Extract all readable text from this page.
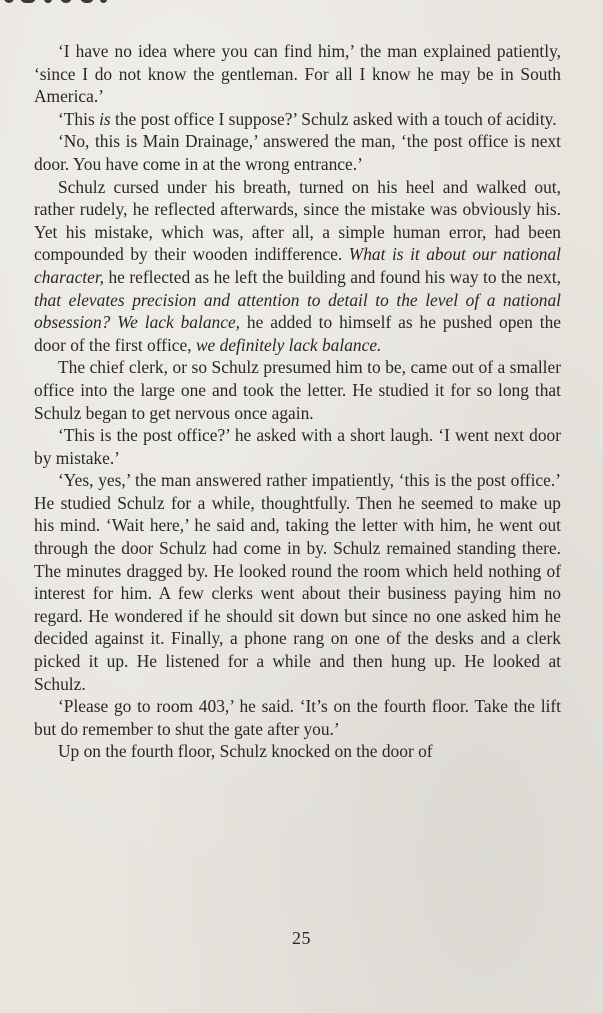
‘I have no idea where you can find him,’ the man explained patiently, ‘since I do not know the gentleman. For all I know he may be in South America.’

‘This is the post office I suppose?’ Schulz asked with a touch of acidity.

‘No, this is Main Drainage,’ answered the man, ‘the post office is next door. You have come in at the wrong entrance.’

Schulz cursed under his breath, turned on his heel and walked out, rather rudely, he reflected afterwards, since the mistake was obviously his. Yet his mistake, which was, after all, a simple human error, had been compounded by their wooden indifference. What is it about our national character, he reflected as he left the building and found his way to the next, that elevates precision and attention to detail to the level of a national obsession? We lack balance, he added to himself as he pushed open the door of the first office, we definitely lack balance.

The chief clerk, or so Schulz presumed him to be, came out of a smaller office into the large one and took the letter. He studied it for so long that Schulz began to get nervous once again.

‘This is the post office?’ he asked with a short laugh. ‘I went next door by mistake.’

‘Yes, yes,’ the man answered rather impatiently, ‘this is the post office.’ He studied Schulz for a while, thoughtfully. Then he seemed to make up his mind. ‘Wait here,’ he said and, taking the letter with him, he went out through the door Schulz had come in by. Schulz remained standing there. The minutes dragged by. He looked round the room which held nothing of interest for him. A few clerks went about their business paying him no regard. He wondered if he should sit down but since no one asked him he decided against it. Finally, a phone rang on one of the desks and a clerk picked it up. He listened for a while and then hung up. He looked at Schulz.

‘Please go to room 403,’ he said. ‘It’s on the fourth floor. Take the lift but do remember to shut the gate after you.’

Up on the fourth floor, Schulz knocked on the door of

25
